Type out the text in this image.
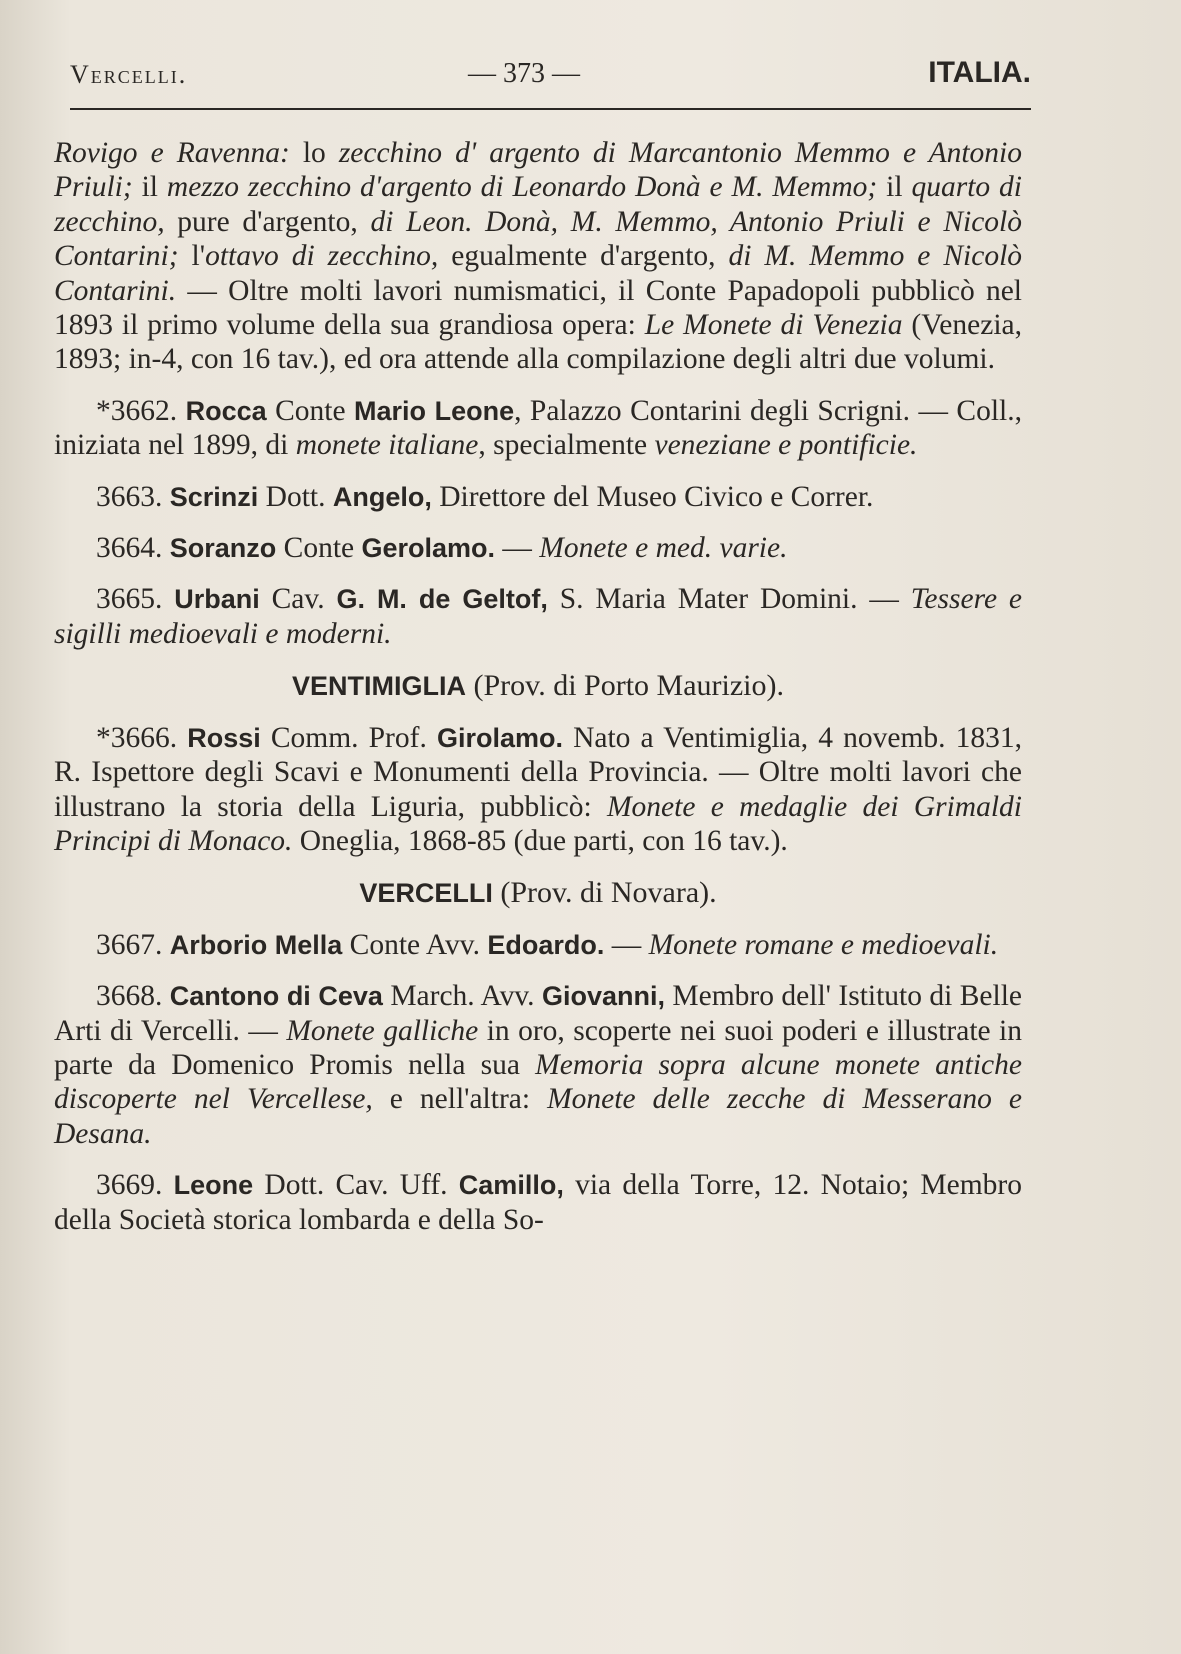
Vercelli.	— 373 —	ITALIA.

Rovigo e Ravenna: lo zecchino d' argento di Marcantonio Memmo e Antonio Priuli; il mezzo zecchino d'argento di Leonardo Donà e M. Memmo; il quarto di zecchino, pure d'argento, di Leon. Donà, M. Memmo, Antonio Priuli e Nicolò Contarini; l'ottavo di zecchino, egualmente d'argento, di M. Memmo e Nicolò Contarini. — Oltre molti lavori numismatici, il Conte Papadopoli pubblicò nel 1893 il primo volume della sua grandiosa opera: Le Monete di Venezia (Venezia, 1893; in-4, con 16 tav.), ed ora attende alla compilazione degli altri due volumi.

*3662. Rocca Conte Mario Leone, Palazzo Contarini degli Scrigni. — Coll., iniziata nel 1899, di monete italiane, specialmente veneziane e pontificie.

3663. Scrinzi Dott. Angelo, Direttore del Museo Civico e Correr.

3664. Soranzo Conte Gerolamo. — Monete e med. varie.

3665. Urbani Cav. G. M. de Geltof, S. Maria Mater Domini. — Tessere e sigilli medioevali e moderni.

VENTIMIGLIA (Prov. di Porto Maurizio).

*3666. Rossi Comm. Prof. Girolamo. Nato a Ventimiglia, 4 novemb. 1831, R. Ispettore degli Scavi e Monumenti della Provincia. — Oltre molti lavori che illustrano la storia della Liguria, pubblicò: Monete e medaglie dei Grimaldi Principi di Monaco. Oneglia, 1868-85 (due parti, con 16 tav.).

VERCELLI (Prov. di Novara).

3667. Arborio Mella Conte Avv. Edoardo. — Monete romane e medioevali.

3668. Cantono di Ceva March. Avv. Giovanni, Membro dell' Istituto di Belle Arti di Vercelli. — Monete galliche in oro, scoperte nei suoi poderi e illustrate in parte da Domenico Promis nella sua Memoria sopra alcune monete antiche discoperte nel Vercellese, e nell'altra: Monete delle zecche di Messerano e Desana.

3669. Leone Dott. Cav. Uff. Camillo, via della Torre, 12. Notaio; Membro della Società storica lombarda e della So-
